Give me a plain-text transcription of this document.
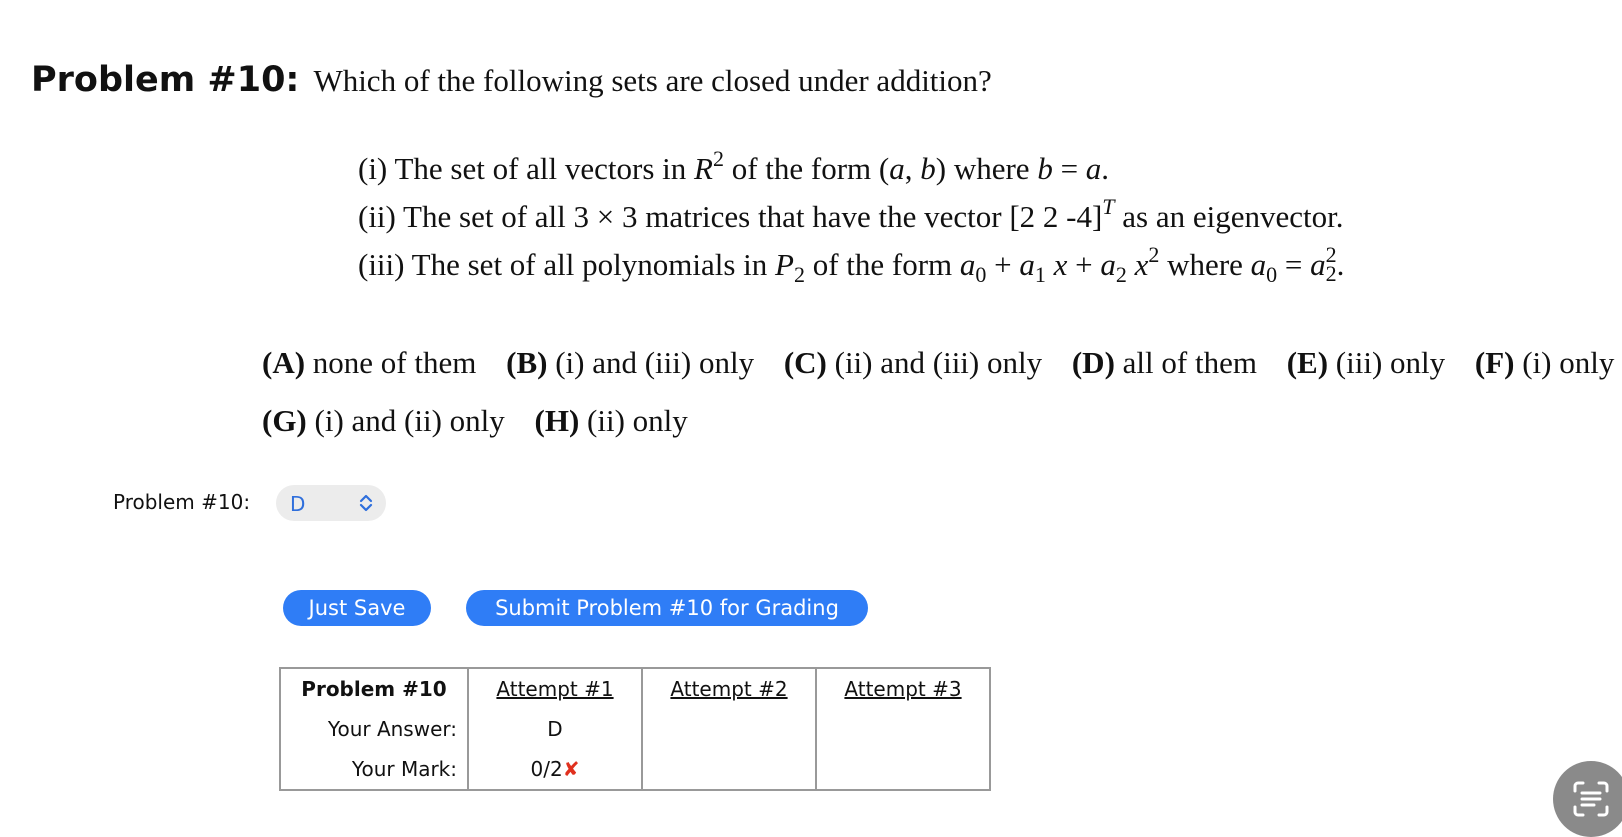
Problem #10: Which of the following sets are closed under addition?
(i) The set of all vectors in $R^2$ of the form (a, b) where b = a.
(ii) The set of all 3 × 3 matrices that have the vector [2 2 -4]$^T$ as an eigenvector.
(iii) The set of all polynomials in $P_2$ of the form $a_0 + a_1$ $x + a_2$ $x^2$ where $a_0 = a_2^2$.
(A) none of them (B) (i) and (iii) only (C) (ii) and (iii) only (D) all of them (E) (iii) only (F) (i) only
(G) (i) and (ii) only (H) (ii) only
Problem #10: D
Just Save	Submit Problem #10 for Grading
Problem #10	Attempt #1	Attempt #2	Attempt #3
Your Answer:	D		
Your Mark:	0/2✘		
